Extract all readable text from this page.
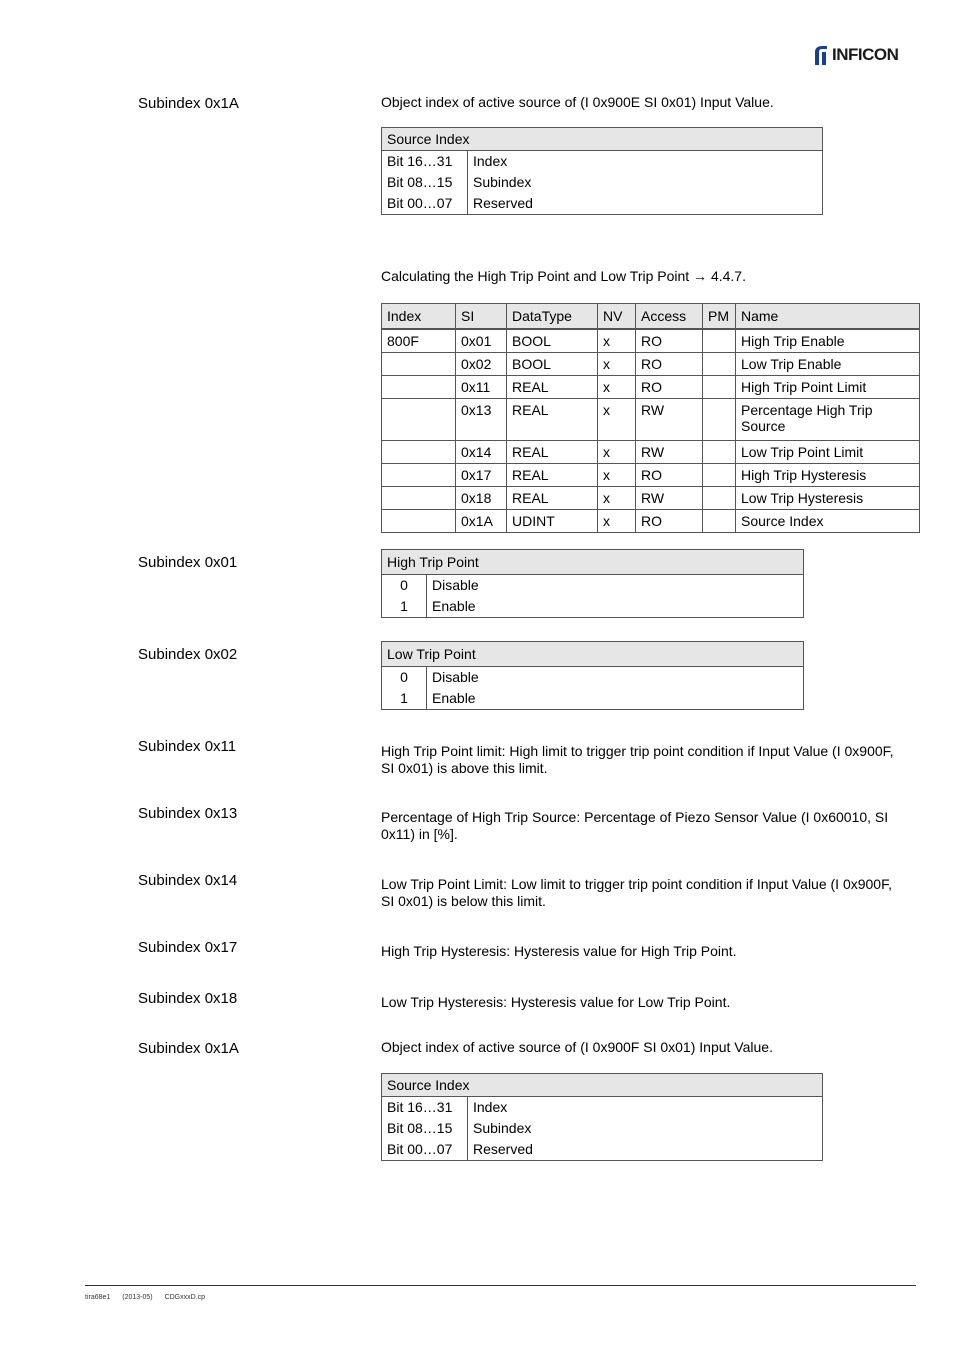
INFICON
Subindex 0x1A	Object index of active source of (I 0x900E SI 0x01) Input Value.
Source Index	
Bit 16…31	Index
Bit 08…15	Subindex
Bit 00…07	Reserved
Calculating the High Trip Point and Low Trip Point → 4.4.7.
Index	SI	DataType	NV	Access	PM	Name
800F	0x01	BOOL	x	RO		High Trip Enable
	0x02	BOOL	x	RO		Low Trip Enable
	0x11	REAL	x	RO		High Trip Point Limit
	0x13	REAL	x	RW		Percentage High Trip Source
	0x14	REAL	x	RW		Low Trip Point Limit
	0x17	REAL	x	RO		High Trip Hysteresis
	0x18	REAL	x	RW		Low Trip Hysteresis
	0x1A	UDINT	x	RO		Source Index
Subindex 0x01	High Trip Point	
0	Disable
1	Enable
Subindex 0x02	Low Trip Point	
0	Disable
1	Enable
Subindex 0x11	High Trip Point limit: High limit to trigger trip point condition if Input Value (I 0x900F,
SI 0x01) is above this limit.
Subindex 0x13	Percentage of High Trip Source: Percentage of Piezo Sensor Value (I 0x60010, SI
0x11) in [%].
Subindex 0x14	Low Trip Point Limit: Low limit to trigger trip point condition if Input Value (I 0x900F,
SI 0x01) is below this limit.
Subindex 0x17	High Trip Hysteresis: Hysteresis value for High Trip Point.
Subindex 0x18	Low Trip Hysteresis: Hysteresis value for Low Trip Point.
Subindex 0x1A	Object index of active source of (I 0x900F SI 0x01) Input Value.
Source Index	
Bit 16…31	Index
Bit 08…15	Subindex
Bit 00…07	Reserved
tira68e1 (2013-05) CDGxxxD.cp
